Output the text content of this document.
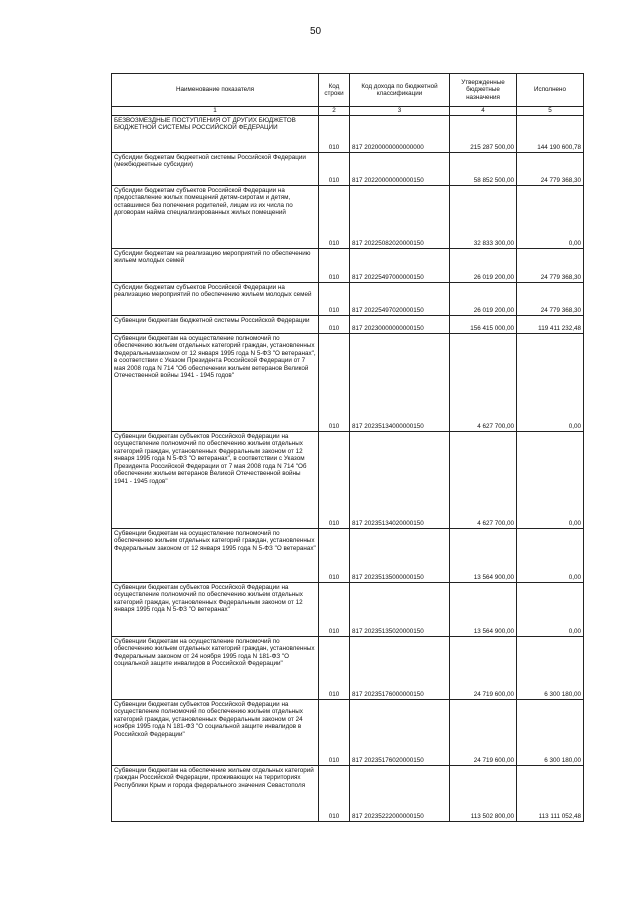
50
Наименование показателя	Код строки	Код дохода по бюджетной классификации	Утвержденные бюджетные назначения	Исполнено
1	2	3	4	5
БЕЗВОЗМЕЗДНЫЕ ПОСТУПЛЕНИЯ ОТ ДРУГИХ БЮДЖЕТОВ БЮДЖЕТНОЙ СИСТЕМЫ РОССИЙСКОЙ ФЕДЕРАЦИИ	010	817 20200000000000000	215 287 500,00	144 190 600,78
Субсидии бюджетам бюджетной системы Российской Федерации (межбюджетные субсидии)	010	817 20220000000000150	58 852 500,00	24 779 368,30
Субсидии бюджетам субъектов Российской Федерации на предоставление жилых помещений детям-сиротам и детям, оставшимся без попечения родителей, лицам из их числа по договорам найма специализированных жилых помещений	010	817 20225082020000150	32 833 300,00	0,00
Субсидии бюджетам на реализацию мероприятий по обеспечению жильем молодых семей	010	817 20225497000000150	26 019 200,00	24 779 368,30
Субсидии бюджетам субъектов Российской Федерации на реализацию мероприятий по обеспечению жильем молодых семей	010	817 20225497020000150	26 019 200,00	24 779 368,30
Субвенции бюджетам бюджетной системы Российской Федерации	010	817 20230000000000150	156 415 000,00	119 411 232,48
Субвенции бюджетам на осуществление полномочий по обеспечению жильем отдельных категорий граждан, установленных Федеральнымзаконом от 12 января 1995 года N 5-ФЗ "О ветеранах", в соответствии с Указом Президента Российской Федерации от 7 мая 2008 года N 714 "Об обеспечении жильем ветеранов Великой Отечественной войны 1941 - 1945 годов"	010	817 20235134000000150	4 627 700,00	0,00
Субвенции бюджетам субъектов Российской Федерации на осуществление полномочий по обеспечению жильем отдельных категорий граждан, установленных Федеральным законом от 12 января 1995 года N 5-ФЗ "О ветеранах", в соответствии с Указом Президента Российской Федерации от 7 мая 2008 года N 714 "Об обеспечении жильем ветеранов Великой Отечественной войны 1941 - 1945 годов"	010	817 20235134020000150	4 627 700,00	0,00
Субвенции бюджетам на осуществление полномочий по обеспечению жильем отдельных категорий граждан, установленных Федеральным законом от 12 января 1995 года N 5-ФЗ "О ветеранах"	010	817 20235135000000150	13 564 900,00	0,00
Субвенции бюджетам субъектов Российской Федерации на осуществление полномочий по обеспечению жильем отдельных категорий граждан, установленных Федеральным законом от 12 января 1995 года N 5-ФЗ "О ветеранах"	010	817 20235135020000150	13 564 900,00	0,00
Субвенции бюджетам на осуществление полномочий по обеспечению жильем отдельных категорий граждан, установленных Федеральным законом от 24 ноября 1995 года N 181-ФЗ "О социальной защите инвалидов в Российской Федерации"	010	817 20235176000000150	24 719 600,00	6 300 180,00
Субвенции бюджетам субъектов Российской Федерации на осуществление полномочий по обеспечению жильем отдельных категорий граждан, установленных Федеральным законом от 24 ноября 1995 года N 181-ФЗ "О социальной защите инвалидов в Российской Федерации"	010	817 20235176020000150	24 719 600,00	6 300 180,00
Субвенции бюджетам на обеспечение жильем отдельных категорий граждан Российской Федерации, проживающих на территориях Республики Крым и города федерального значения Севастополя	010	817 20235222000000150	113 502 800,00	113 111 052,48
